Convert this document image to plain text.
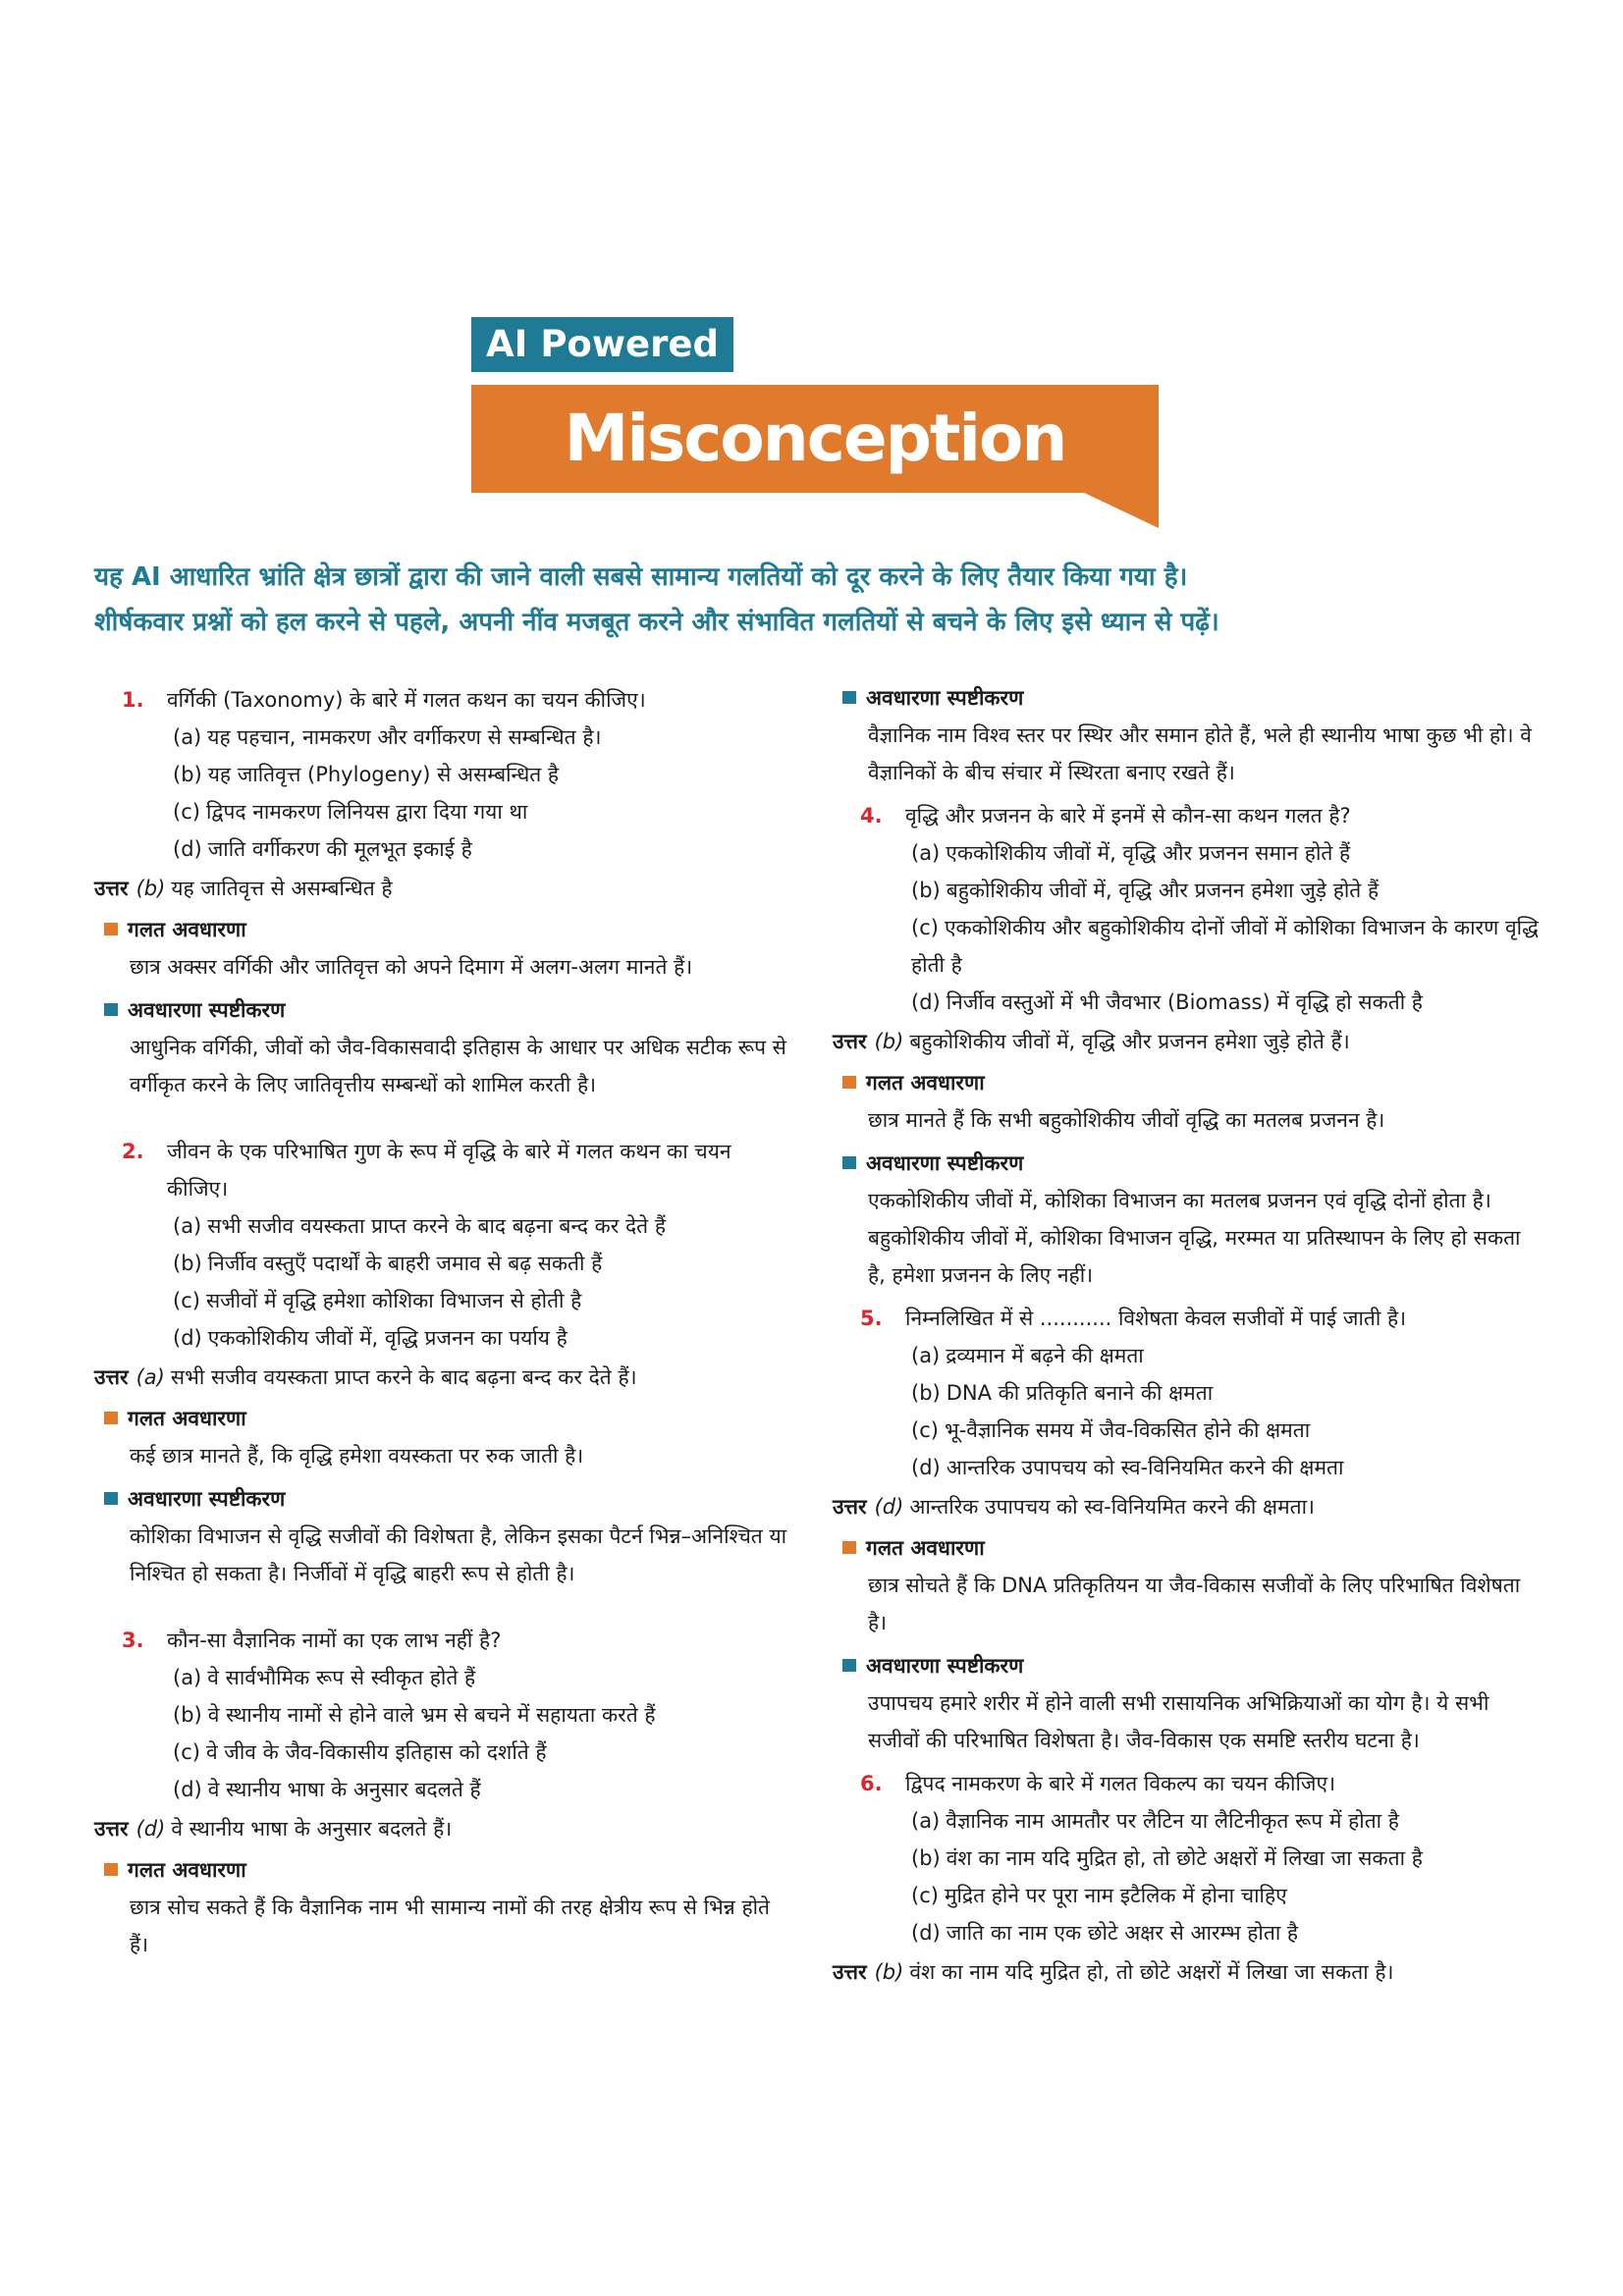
AI Powered
Misconception Zone
यह AI आधारित भ्रांति क्षेत्र छात्रों द्वारा की जाने वाली सबसे सामान्य गलतियों को दूर करने के लिए तैयार किया गया है।
शीर्षकवार प्रश्नों को हल करने से पहले, अपनी नींव मजबूत करने और संभावित गलतियों से बचने के लिए इसे ध्यान से पढ़ें।
1. वर्गिकी (Taxonomy) के बारे में गलत कथन का चयन कीजिए।
(a) यह पहचान, नामकरण और वर्गीकरण से सम्बन्धित है।
(b) यह जातिवृत्त (Phylogeny) से असम्बन्धित है
(c) द्विपद नामकरण लिनियस द्वारा दिया गया था
(d) जाति वर्गीकरण की मूलभूत इकाई है
उत्तर (b) यह जातिवृत्त से असम्बन्धित है
गलत अवधारणा
छात्र अक्सर वर्गिकी और जातिवृत्त को अपने दिमाग में अलग-अलग मानते हैं।
अवधारणा स्पष्टीकरण
आधुनिक वर्गिकी, जीवों को जैव-विकासवादी इतिहास के आधार पर अधिक सटीक रूप से वर्गीकृत करने के लिए जातिवृत्तीय सम्बन्धों को शामिल करती है।
2. जीवन के एक परिभाषित गुण के रूप में वृद्धि के बारे में गलत कथन का चयन कीजिए।
(a) सभी सजीव वयस्कता प्राप्त करने के बाद बढ़ना बन्द कर देते हैं
(b) निर्जीव वस्तुएँ पदार्थों के बाहरी जमाव से बढ़ सकती हैं
(c) सजीवों में वृद्धि हमेशा कोशिका विभाजन से होती है
(d) एककोशिकीय जीवों में, वृद्धि प्रजनन का पर्याय है
उत्तर (a) सभी सजीव वयस्कता प्राप्त करने के बाद बढ़ना बन्द कर देते हैं।
गलत अवधारणा
कई छात्र मानते हैं, कि वृद्धि हमेशा वयस्कता पर रुक जाती है।
अवधारणा स्पष्टीकरण
कोशिका विभाजन से वृद्धि सजीवों की विशेषता है, लेकिन इसका पैटर्न भिन्न–अनिश्चित या निश्चित हो सकता है। निर्जीवों में वृद्धि बाहरी रूप से होती है।
3. कौन-सा वैज्ञानिक नामों का एक लाभ नहीं है?
(a) वे सार्वभौमिक रूप से स्वीकृत होते हैं
(b) वे स्थानीय नामों से होने वाले भ्रम से बचने में सहायता करते हैं
(c) वे जीव के जैव-विकासीय इतिहास को दर्शाते हैं
(d) वे स्थानीय भाषा के अनुसार बदलते हैं
उत्तर (d) वे स्थानीय भाषा के अनुसार बदलते हैं।
गलत अवधारणा
छात्र सोच सकते हैं कि वैज्ञानिक नाम भी सामान्य नामों की तरह क्षेत्रीय रूप से भिन्न होते हैं।
अवधारणा स्पष्टीकरण
वैज्ञानिक नाम विश्व स्तर पर स्थिर और समान होते हैं, भले ही स्थानीय भाषा कुछ भी हो। वे वैज्ञानिकों के बीच संचार में स्थिरता बनाए रखते हैं।
4. वृद्धि और प्रजनन के बारे में इनमें से कौन-सा कथन गलत है?
(a) एककोशिकीय जीवों में, वृद्धि और प्रजनन समान होते हैं
(b) बहुकोशिकीय जीवों में, वृद्धि और प्रजनन हमेशा जुड़े होते हैं
(c) एककोशिकीय और बहुकोशिकीय दोनों जीवों में कोशिका विभाजन के कारण वृद्धि होती है
(d) निर्जीव वस्तुओं में भी जैवभार (Biomass) में वृद्धि हो सकती है
उत्तर (b) बहुकोशिकीय जीवों में, वृद्धि और प्रजनन हमेशा जुड़े होते हैं।
गलत अवधारणा
छात्र मानते हैं कि सभी बहुकोशिकीय जीवों वृद्धि का मतलब प्रजनन है।
अवधारणा स्पष्टीकरण
एककोशिकीय जीवों में, कोशिका विभाजन का मतलब प्रजनन एवं वृद्धि दोनों होता है। बहुकोशिकीय जीवों में, कोशिका विभाजन वृद्धि, मरम्मत या प्रतिस्थापन के लिए हो सकता है, हमेशा प्रजनन के लिए नहीं।
5. निम्नलिखित में से ........... विशेषता केवल सजीवों में पाई जाती है।
(a) द्रव्यमान में बढ़ने की क्षमता
(b) DNA की प्रतिकृति बनाने की क्षमता
(c) भू-वैज्ञानिक समय में जैव-विकसित होने की क्षमता
(d) आन्तरिक उपापचय को स्व-विनियमित करने की क्षमता
उत्तर (d) आन्तरिक उपापचय को स्व-विनियमित करने की क्षमता।
गलत अवधारणा
छात्र सोचते हैं कि DNA प्रतिकृतियन या जैव-विकास सजीवों के लिए परिभाषित विशेषता है।
अवधारणा स्पष्टीकरण
उपापचय हमारे शरीर में होने वाली सभी रासायनिक अभिक्रियाओं का योग है। ये सभी सजीवों की परिभाषित विशेषता है। जैव-विकास एक समष्टि स्तरीय घटना है।
6. द्विपद नामकरण के बारे में गलत विकल्प का चयन कीजिए।
(a) वैज्ञानिक नाम आमतौर पर लैटिन या लैटिनीकृत रूप में होता है
(b) वंश का नाम यदि मुद्रित हो, तो छोटे अक्षरों में लिखा जा सकता है
(c) मुद्रित होने पर पूरा नाम इटैलिक में होना चाहिए
(d) जाति का नाम एक छोटे अक्षर से आरम्भ होता है
उत्तर (b) वंश का नाम यदि मुद्रित हो, तो छोटे अक्षरों में लिखा जा सकता है।
